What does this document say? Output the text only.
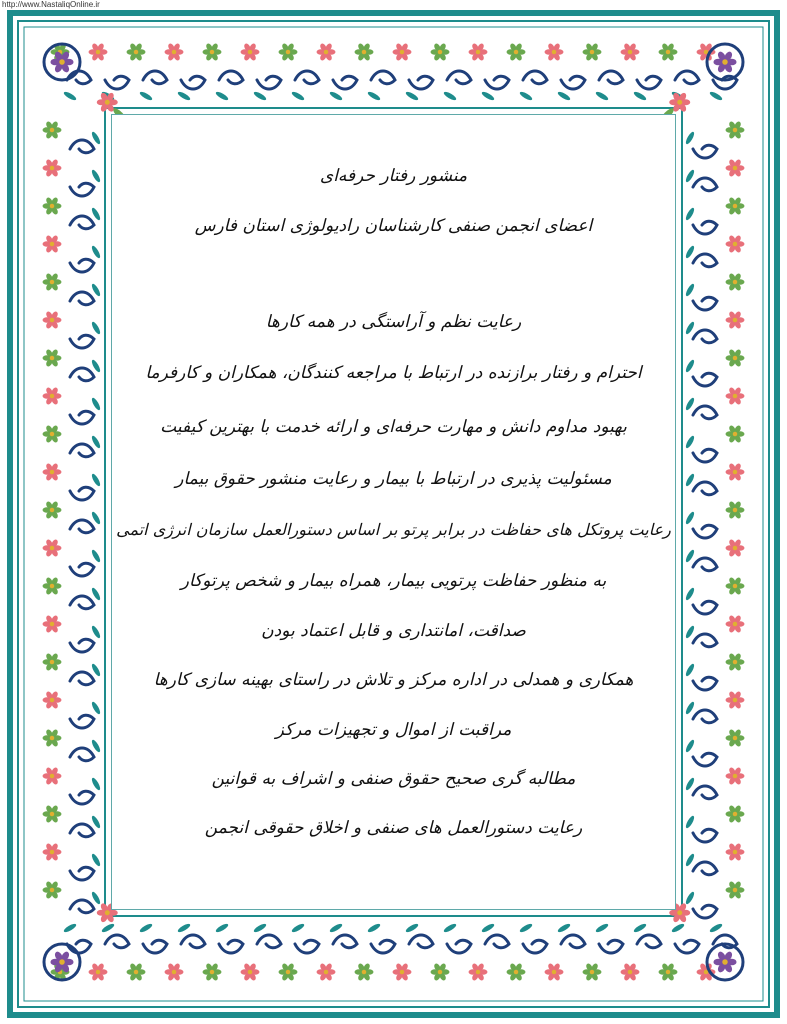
http://www.NastaliqOnline.ir

منشور رفتار حرفه‌ای

اعضای انجمن صنفی کارشناسان رادیولوژی استان فارس

رعایت نظم و آراستگی در همه کارها

احترام و رفتار برازنده در ارتباط با مراجعه کنندگان، همکاران و کارفرما

بهبود مداوم دانش و مهارت حرفه‌ای و ارائه خدمت با بهترین کیفیت

مسئولیت پذیری در ارتباط با بیمار و رعایت منشور حقوق بیمار

رعایت پروتکل های حفاظت در برابر پرتو بر اساس دستورالعمل سازمان انرژی اتمی

به منظور حفاظت پرتویی بیمار، همراه بیمار و شخص پرتوکار

صداقت، امانتداری و قابل اعتماد بودن

همکاری و همدلی در اداره مرکز و تلاش در راستای بهینه سازی کارها

مراقبت از اموال و تجهیزات مرکز

مطالبه گری صحیح حقوق صنفی و اشراف به قوانین

رعایت دستورالعمل های صنفی و اخلاق حقوقی انجمن
